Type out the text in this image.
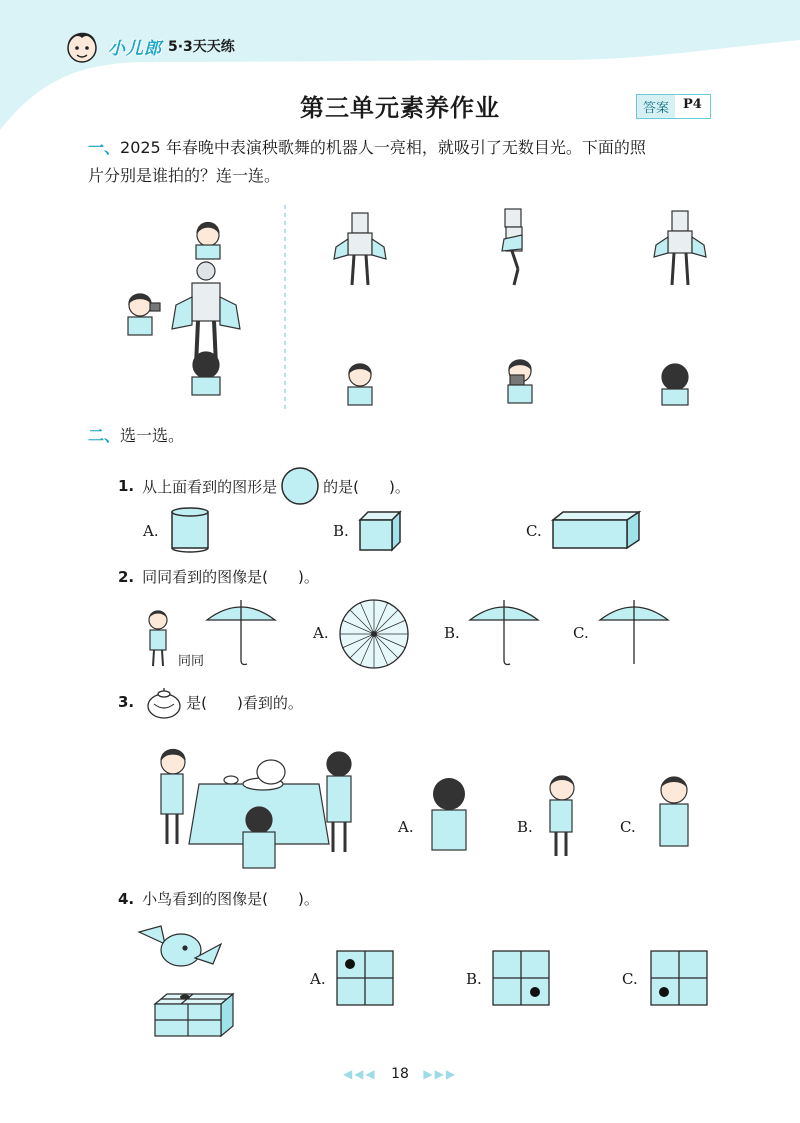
小儿郎 5·3天天练
第三单元素养作业	答案	P4
一、2025 年春晚中表演秧歌舞的机器人一亮相，就吸引了无数目光。下面的照
片分别是谁拍的？连一连。
二、选一选。
1. 从上面看到的图形是	的是(　　)。
A.	B.	C.
2. 同同看到的图像是(　　)。
同同
A.	B.	C.
3.	是(　　)看到的。
A.	B.	C.
4. 小鸟看到的图像是(　　)。
A.	B.	C.
◀◀◀ 18 ▶▶▶
